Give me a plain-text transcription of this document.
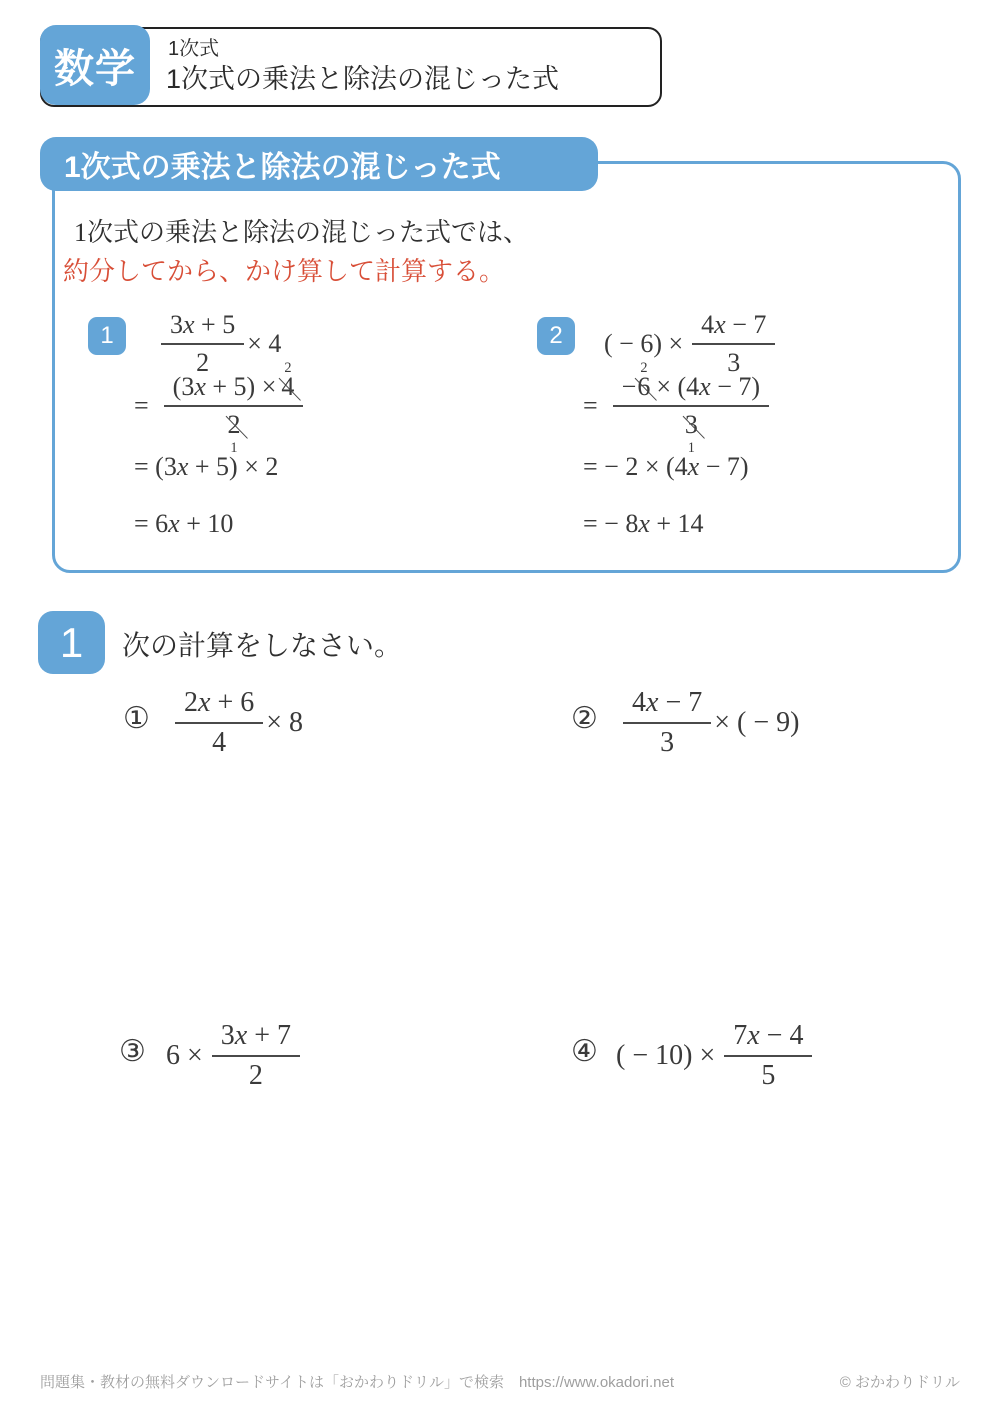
数学 1次式
1次式の乗法と除法の混じった式
1次式の乗法と除法の混じった式
1次式の乗法と除法の混じった式では、
約分してから、かけ算して計算する。
$1 \frac{3x + 5}{2} \times 4$
= (3x + 5) × 4
2
2
1
= (3x + 5) × 2
= 6x + 10
2 ( − $6) \times \frac{4x - 7}{3}$
= −6
2
× (4x − 7)
3
1
= − 2 × (4x − 7)
= − 8x + 14
1 次の計算をしなさい。
① $\frac{2x + 6}{4} \times 8$	② $\frac{4x - 7}{3}$ × ( − 9)
③ $6 \times \frac{3x + 7}{2}$	④ ( − $10) \times \frac{7x - 4}{5}$
問題集・教材の無料ダウンロードサイトは「おかわりドリル」で検索　https://www.okadori.net	© おかわりドリル
